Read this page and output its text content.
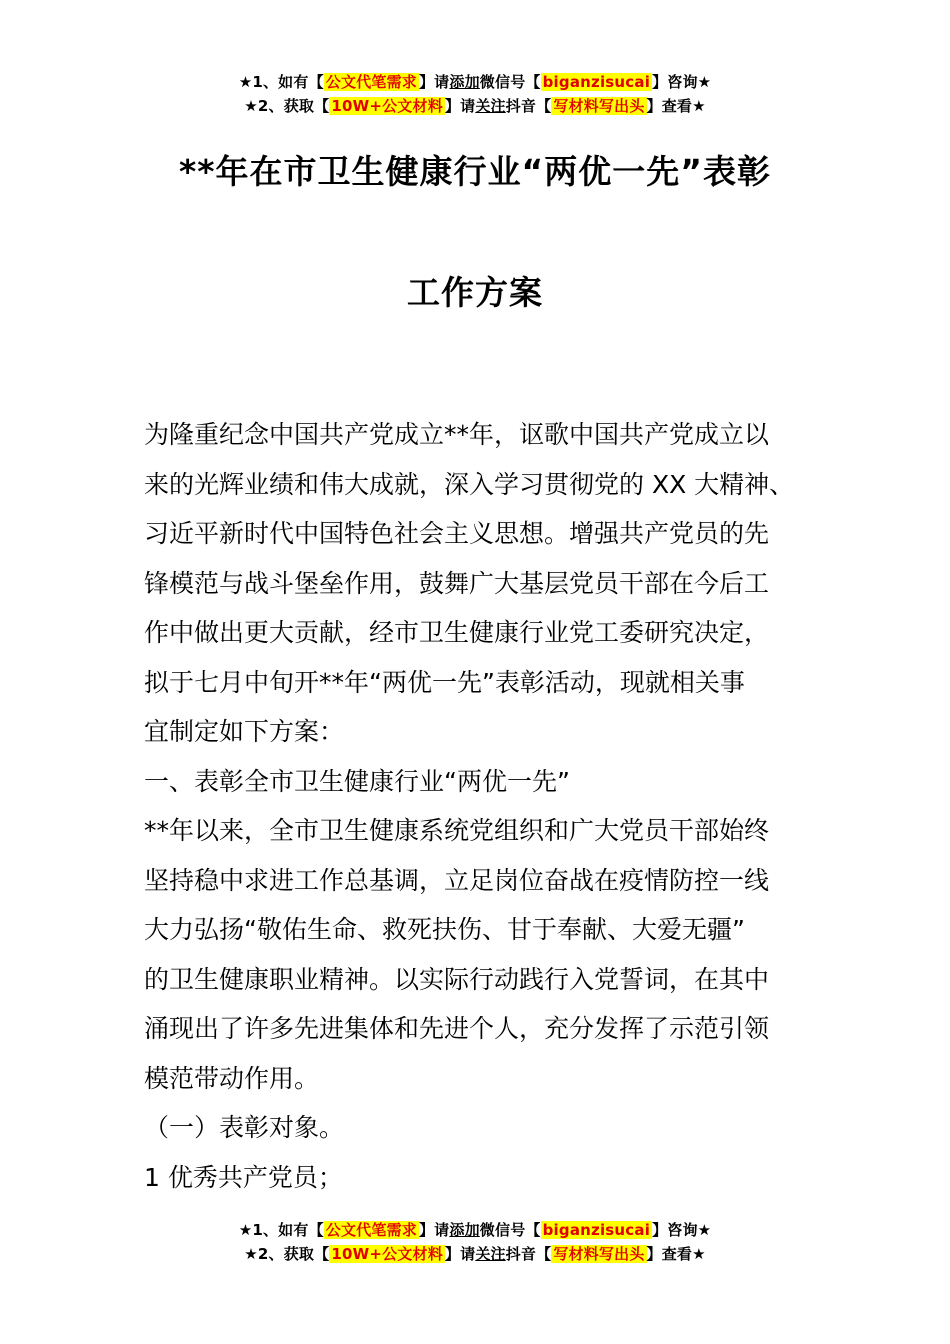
★1、如有【 公文代笔需求 】请添加微信号【 biganzisucai 】咨询★
★2、获取【 10W+公文材料 】请关注抖音【 写材料写出头 】查看★
**年在市卫生健康行业“两优一先”表彰
工作方案

为隆重纪念中国共产党成立**年，讴歌中国共产党成立以

来的光辉业绩和伟大成就，深入学习贯彻党的 XX 大精神、

习近平新时代中国特色社会主义思想。增强共产党员的先

锋模范与战斗堡垒作用，鼓舞广大基层党员干部在今后工

作中做出更大贡献，经市卫生健康行业党工委研究决定，

拟于七月中旬开**年“两优一先”表彰活动，现就相关事

宜制定如下方案：

一、表彰全市卫生健康行业“两优一先”

**年以来，全市卫生健康系统党组织和广大党员干部始终

坚持稳中求进工作总基调，立足岗位奋战在疫情防控一线

大力弘扬“敬佑生命、救死扶伤、甘于奉献、大爱无疆”

的卫生健康职业精神。以实际行动践行入党誓词，在其中

涌现出了许多先进集体和先进个人，充分发挥了示范引领

模范带动作用。

（一）表彰对象。

1 优秀共产党员；

★1、如有【 公文代笔需求 】请添加微信号【 biganzisucai 】咨询★
★2、获取【 10W+公文材料 】请关注抖音【 写材料写出头 】查看★
